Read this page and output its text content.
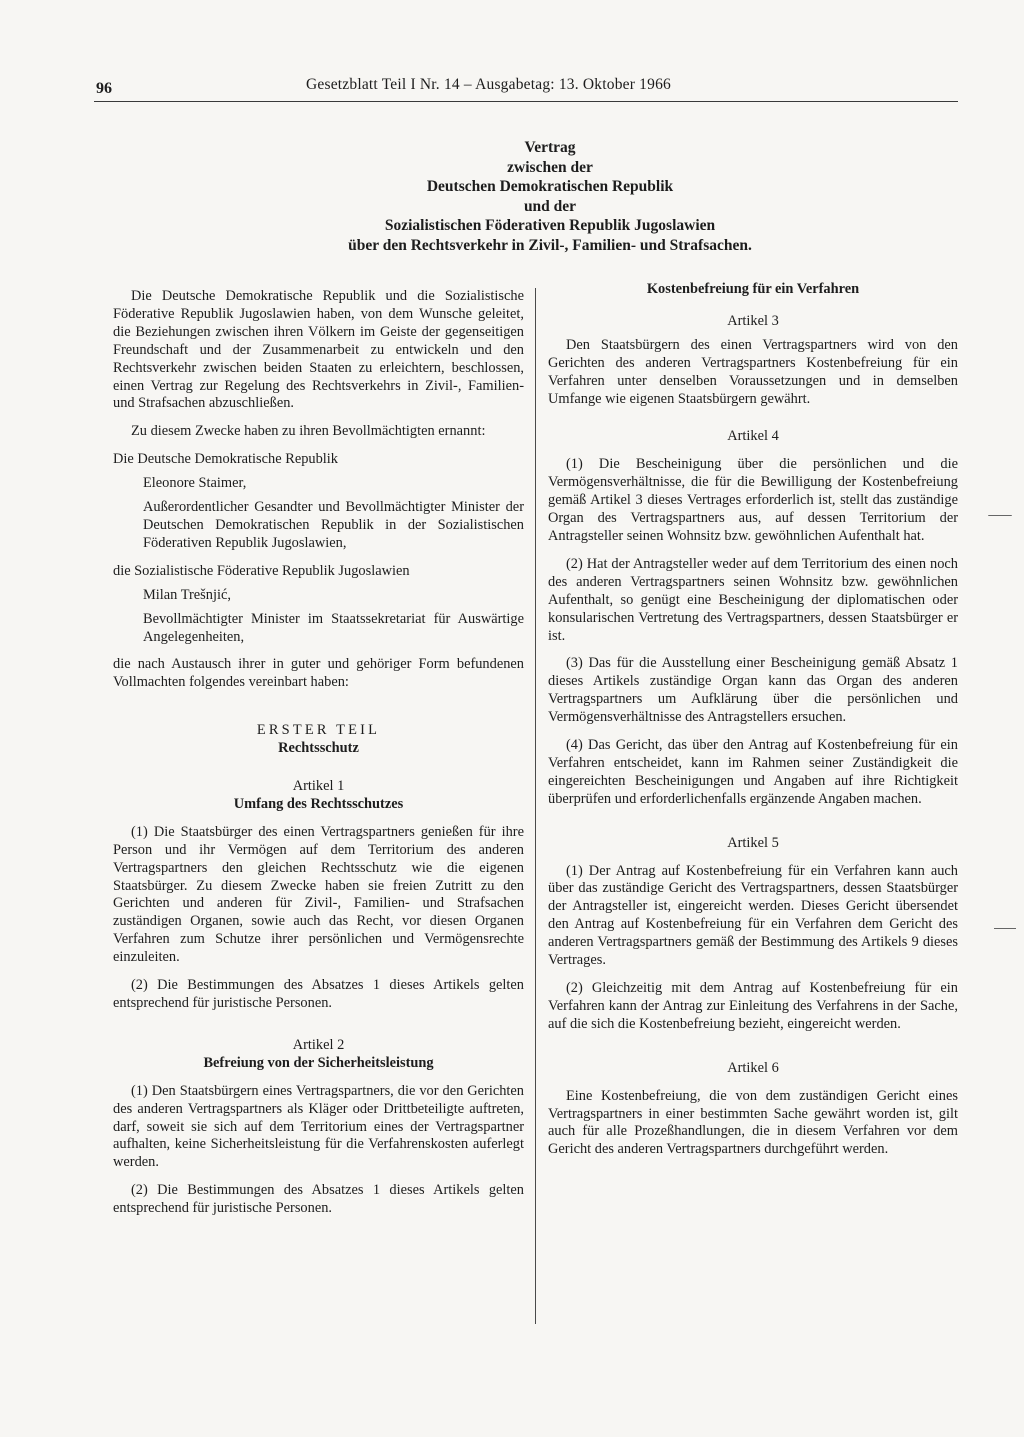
96	Gesetzblatt Teil I Nr. 14 – Ausgabetag: 13. Oktober 1966
Vertrag
zwischen der
Deutschen Demokratischen Republik
und der
Sozialistischen Föderativen Republik Jugoslawien
über den Rechtsverkehr in Zivil-, Familien- und Strafsachen.

Die Deutsche Demokratische Republik und die Sozialistische Föderative Republik Jugoslawien haben, von dem Wunsche geleitet, die Beziehungen zwischen ihren Völkern im Geiste der gegenseitigen Freundschaft und der Zusammenarbeit zu entwickeln und den Rechtsverkehr zwischen beiden Staaten zu erleichtern, beschlossen, einen Vertrag zur Regelung des Rechtsverkehrs in Zivil-, Familien- und Strafsachen abzuschließen.

Zu diesem Zwecke haben zu ihren Bevollmächtigten ernannt:

Die Deutsche Demokratische Republik

Eleonore Staimer,

Außerordentlicher Gesandter und Bevollmächtigter Minister der Deutschen Demokratischen Republik in der Sozialistischen Föderativen Republik Jugoslawien,

die Sozialistische Föderative Republik Jugoslawien

Milan Trešnjić,

Bevollmächtigter Minister im Staatssekretariat für Auswärtige Angelegenheiten,

die nach Austausch ihrer in guter und gehöriger Form befundenen Vollmachten folgendes vereinbart haben:

ERSTER TEIL

Rechtsschutz

Artikel 1

Umfang des Rechtsschutzes

(1) Die Staatsbürger des einen Vertragspartners genießen für ihre Person und ihr Vermögen auf dem Territorium des anderen Vertragspartners den gleichen Rechtsschutz wie die eigenen Staatsbürger. Zu diesem Zwecke haben sie freien Zutritt zu den Gerichten und anderen für Zivil-, Familien- und Strafsachen zuständigen Organen, sowie auch das Recht, vor diesen Organen Verfahren zum Schutze ihrer persönlichen und Vermögensrechte einzuleiten.

(2) Die Bestimmungen des Absatzes 1 dieses Artikels gelten entsprechend für juristische Personen.

Artikel 2

Befreiung von der Sicherheitsleistung

(1) Den Staatsbürgern eines Vertragspartners, die vor den Gerichten des anderen Vertragspartners als Kläger oder Drittbeteiligte auftreten, darf, soweit sie sich auf dem Territorium eines der Vertragspartner aufhalten, keine Sicherheitsleistung für die Verfahrenskosten auferlegt werden.

(2) Die Bestimmungen des Absatzes 1 dieses Artikels gelten entsprechend für juristische Personen.

Kostenbefreiung für ein Verfahren

Artikel 3

Den Staatsbürgern des einen Vertragspartners wird von den Gerichten des anderen Vertragspartners Kostenbefreiung für ein Verfahren unter denselben Voraussetzungen und in demselben Umfange wie eigenen Staatsbürgern gewährt.

Artikel 4

(1) Die Bescheinigung über die persönlichen und die Vermögensverhältnisse, die für die Bewilligung der Kostenbefreiung gemäß Artikel 3 dieses Vertrages erforderlich ist, stellt das zuständige Organ des Vertragspartners aus, auf dessen Territorium der Antragsteller seinen Wohnsitz bzw. gewöhnlichen Aufenthalt hat.

(2) Hat der Antragsteller weder auf dem Territorium des einen noch des anderen Vertragspartners seinen Wohnsitz bzw. gewöhnlichen Aufenthalt, so genügt eine Bescheinigung der diplomatischen oder konsularischen Vertretung des Vertragspartners, dessen Staatsbürger er ist.

(3) Das für die Ausstellung einer Bescheinigung gemäß Absatz 1 dieses Artikels zuständige Organ kann das Organ des anderen Vertragspartners um Aufklärung über die persönlichen und Vermögensverhältnisse des Antragstellers ersuchen.

(4) Das Gericht, das über den Antrag auf Kostenbefreiung für ein Verfahren entscheidet, kann im Rahmen seiner Zuständigkeit die eingereichten Bescheinigungen und Angaben auf ihre Richtigkeit überprüfen und erforderlichenfalls ergänzende Angaben machen.

Artikel 5

(1) Der Antrag auf Kostenbefreiung für ein Verfahren kann auch über das zuständige Gericht des Vertragspartners, dessen Staatsbürger der Antragsteller ist, eingereicht werden. Dieses Gericht übersendet den Antrag auf Kostenbefreiung für ein Verfahren dem Gericht des anderen Vertragspartners gemäß der Bestimmung des Artikels 9 dieses Vertrages.

(2) Gleichzeitig mit dem Antrag auf Kostenbefreiung für ein Verfahren kann der Antrag zur Einleitung des Verfahrens in der Sache, auf die sich die Kostenbefreiung bezieht, eingereicht werden.

Artikel 6

Eine Kostenbefreiung, die von dem zuständigen Gericht eines Vertragspartners in einer bestimmten Sache gewährt worden ist, gilt auch für alle Prozeßhandlungen, die in diesem Verfahren vor dem Gericht des anderen Vertragspartners durchgeführt werden.
